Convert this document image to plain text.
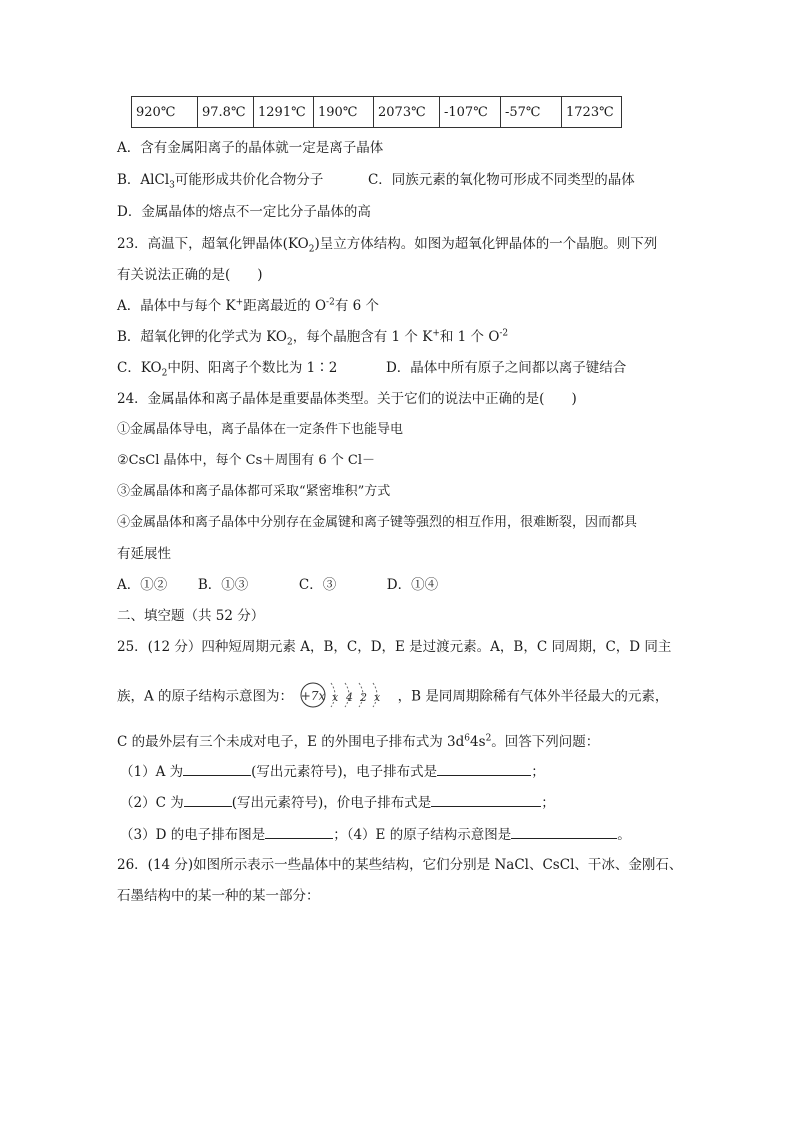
920℃	97.8℃	1291℃	190℃	2073℃	-107℃	-57℃	1723℃
A．含有金属阳离子的晶体就一定是离子晶体
B．AlCl$_3$可能形成共价化合物分子	C．同族元素的氧化物可形成不同类型的晶体
D．金属晶体的熔点不一定比分子晶体的高
23．高温下，超氧化钾晶体$(KO_2)$呈立方体结构。如图为超氧化钾晶体的一个晶胞。则下列
有关说法正确的是(　　)
A．晶体中与每个 K+距离最近的 $O^{-2}$有 6 个
B．超氧化钾的化学式为 $KO_2$，每个晶胞含有 1 个 K+和 1 个 $O^{-2}$
C．$KO_2$中阴、阳离子个数比为 1∶2	D．晶体中所有原子之间都以离子键结合
24．金属晶体和离子晶体是重要晶体类型。关于它们的说法中正确的是(　　)
①金属晶体导电，离子晶体在一定条件下也能导电
②CsCl 晶体中，每个 Cs＋周围有 6 个 Cl－
③金属晶体和离子晶体都可采取“紧密堆积”方式
④金属晶体和离子晶体中分别存在金属键和离子键等强烈的相互作用，很难断裂，因而都具
有延展性
A．①② B．①③	C．③	D．①④
二、填空题（共 52 分）
25．(12 分）四种短周期元素 A，B，C，D，E 是过渡元素。A，B，C 同周期，C，D 同主
族，A 的原子结构示意图为： +7x x 4 2 x ，B 是同周期除稀有气体外半径最大的元素，
C 的最外层有三个未成对电子，E 的外围电子排布式为 $3d^64s^2$。回答下列问题：
（1）A 为	(写出元素符号)，电子排布式是	；
（2）C 为	(写出元素符号)，价电子排布式是	；
（3）D 的电子排布图是	；（4）E 的原子结构示意图是	。
26．(14 分)如图所示表示一些晶体中的某些结构，它们分别是 NaCl、CsCl、干冰、金刚石、
石墨结构中的某一种的某一部分：
